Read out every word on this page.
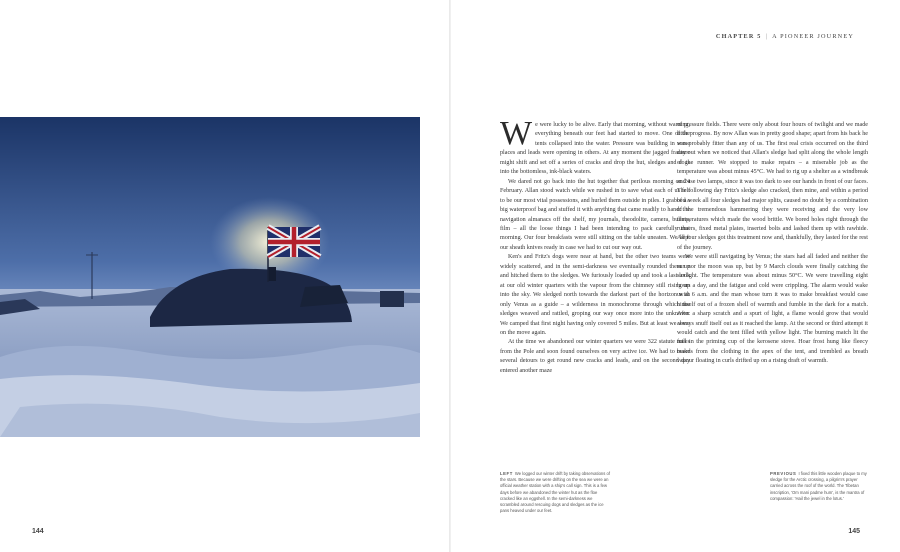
CHAPTER 5 | A PIONEER JOURNEY

We were lucky to be alive. Early that morning, without warning, everything beneath our feet had started to move. One of the tents collapsed into the water. Pressure was building in some places and leads were opening in others. At any moment the jagged fracture might shift and set off a series of cracks and drop the hut, sledges and dogs into the bottomless, ink-black waters.

We dared not go back into the hut together that perilous morning on 24 February. Allan stood watch while we rushed in to save what each of us felt to be our most vital possessions, and hurled them outside in piles. I grabbed a big waterproof bag and stuffed it with anything that came readily to hand: the navigation almanacs off the shelf, my journals, theodolite, camera, bullets, film – all the loose things I had been intending to pack carefully that morning. Our four breakfasts were still sitting on the table uneaten. We kept our sheath knives ready in case we had to cut our way out.

Ken's and Fritz's dogs were near at hand, but the other two teams were widely scattered, and in the semi-darkness we eventually rounded them up and hitched them to the sledges. We furiously loaded up and took a last look at our old winter quarters with the vapour from the chimney still rising up into the sky. We sledged north towards the darkest part of the horizon with only Venus as a guide – a wilderness in monochrome through which the sledges weaved and rattled, groping our way once more into the unknown. We camped that first night having only covered 5 miles. But at least we were on the move again.

At the time we abandoned our winter quarters we were 322 statute miles from the Pole and soon found ourselves on very active ice. We had to make several detours to get round new cracks and leads, and on the second day entered another maze

of pressure fields. There were only about four hours of twilight and we made little progress. By now Allan was in pretty good shape; apart from his back he was probably fitter than any of us. The first real crisis occurred on the third day out when we noticed that Allan's sledge had split along the whole length of the runner. We stopped to make repairs – a miserable job as the temperature was about minus 45°C. We had to rig up a shelter as a windbreak and use two lamps, since it was too dark to see our hands in front of our faces. The following day Fritz's sledge also cracked, then mine, and within a period of a week all four sledges had major splits, caused no doubt by a combination of the tremendous hammering they were receiving and the very low temperatures which made the wood brittle. We bored holes right through the runners, fixed metal plates, inserted bolts and lashed them up with rawhide. All four sledges got this treatment now and, thankfully, they lasted for the rest of the journey.

We were still navigating by Venus; the stars had all faded and neither the sun nor the moon was up, but by 9 March clouds were finally catching the sunlight. The temperature was about minus 50°C. We were travelling eight hours a day, and the fatigue and cold were crippling. The alarm would wake us at 6 a.m. and the man whose turn it was to make breakfast would case himself out of a frozen shell of warmth and fumble in the dark for a match. After a sharp scratch and a spurt of light, a flame would grow that would always snuff itself out as it reached the lamp. At the second or third attempt it would catch and the tent filled with yellow light. The burning match lit the fuel in the priming cup of the kerosene stove. Hoar frost hung like fleecy beards from the clothing in the apex of the tent, and trembled as breath vapour floating in curls drifted up on a rising draft of warmth.

LEFT We logged our winter drift by taking observations of the stars. Because we were drifting on the sea we were an official weather station with a ship's call sign. This is a few days before we abandoned the winter hut as the floe cracked like an eggshell. In the semi-darkness we scrambled around rescuing dogs and sledges as the ice pans heaved under our feet.
PREVIOUS I fixed this little wooden plaque to my sledge for the Arctic crossing, a pilgrim's prayer carried across the roof of the world. The Tibetan inscription, 'Om mani padme hum', is the mantra of compassion: 'Hail the jewel in the lotus.'
144	145
